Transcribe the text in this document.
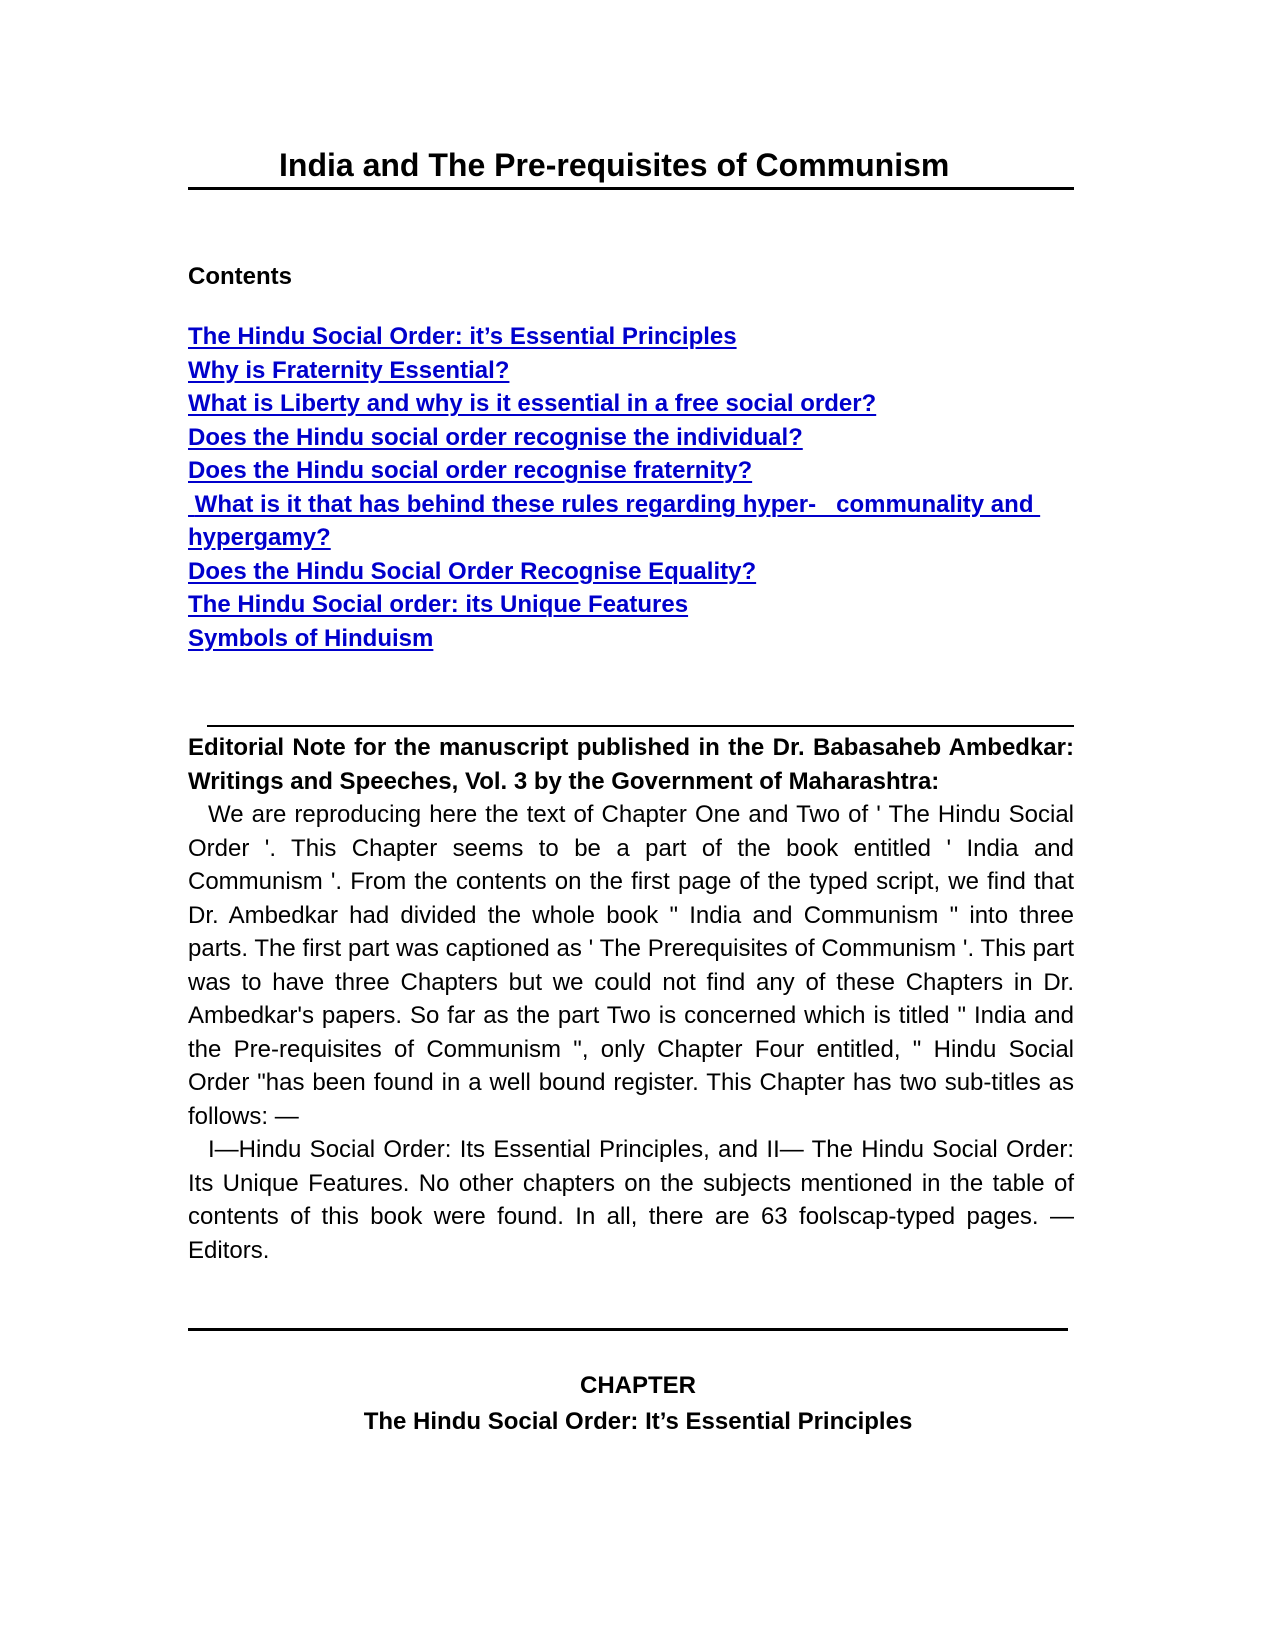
India and The Pre-requisites of Communism
Contents
The Hindu Social Order: it’s Essential Principles
Why is Fraternity Essential?
What is Liberty and why is it essential in a free social order?
Does the Hindu social order recognise the individual?
Does the Hindu social order recognise fraternity?
What is it that has behind these rules regarding hyper-   communality and hypergamy?
Does the Hindu Social Order Recognise Equality?
The Hindu Social order: its Unique Features
Symbols of Hinduism

Editorial Note for the manuscript published in the Dr. Babasaheb Ambedkar: Writings and Speeches, Vol. 3 by the Government of Maharashtra:

We are reproducing here the text of Chapter One and Two of ' The Hindu Social Order '. This Chapter seems to be a part of the book entitled ' India and Communism '. From the contents on the first page of the typed script, we find that Dr. Ambedkar had divided the whole book " India and Communism " into three parts. The first part was captioned as ' The Prerequisites of Communism '. This part was to have three Chapters but we could not find any of these Chapters in Dr. Ambedkar's papers. So far as the part Two is concerned which is titled " India and the Pre-requisites of Communism ", only Chapter Four entitled, " Hindu Social Order "has been found in a well bound register. This Chapter has two sub-titles as follows: —

I—Hindu Social Order: Its Essential Principles, and II— The Hindu Social Order: Its Unique Features. No other chapters on the subjects mentioned in the table of contents of this book were found. In all, there are 63 foolscap-typed pages. —Editors.

CHAPTER
The Hindu Social Order: It’s Essential Principles
